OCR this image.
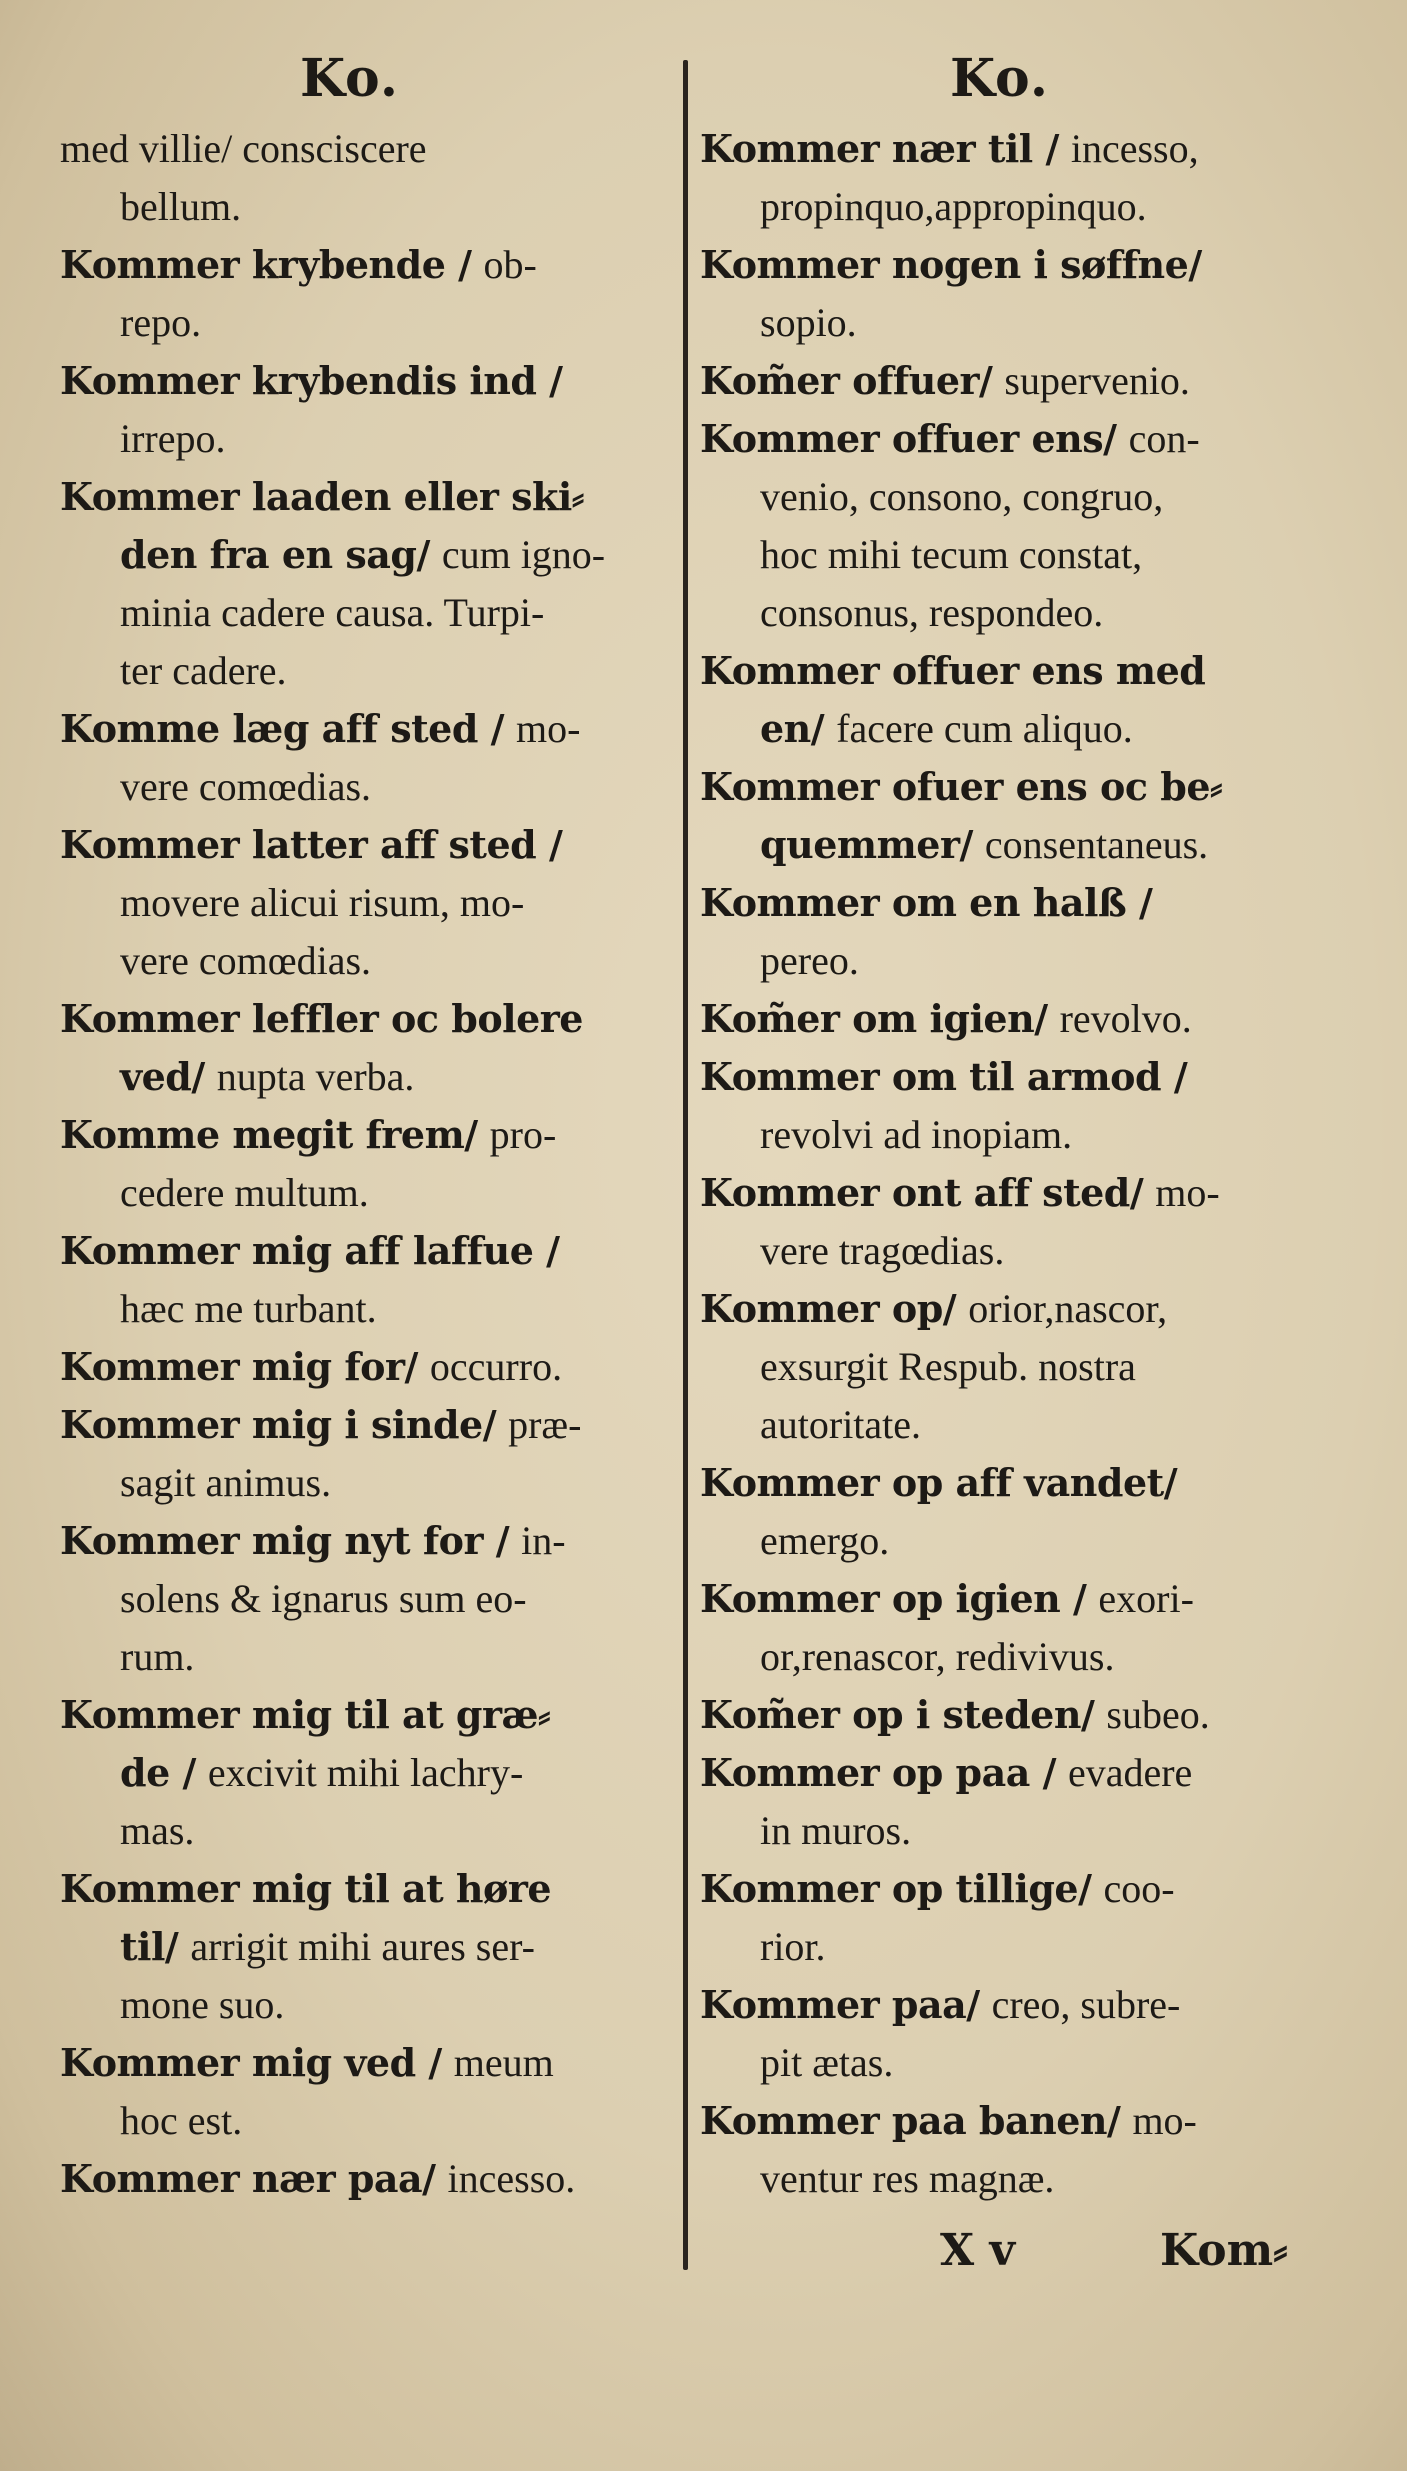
Ko.	Ko.
med villie/ consciscere
bellum.
Kommer krybende / ob-
repo.
Kommer krybendis ind /
irrepo.
Kommer laaden eller ski⸗
den fra en sag/ cum igno-
minia cadere causa. Turpi-
ter cadere.
Komme læg aff sted / mo-
vere comœdias.
Kommer latter aff sted /
movere alicui risum, mo-
vere comœdias.
Kommer leffler oc bolere
ved/ nupta verba.
Komme megit frem/ pro-
cedere multum.
Kommer mig aff laffue /
hæc me turbant.
Kommer mig for/ occurro.
Kommer mig i sinde/ præ-
sagit animus.
Kommer mig nyt for / in-
solens & ignarus sum eo-
rum.
Kommer mig til at græ⸗
de / excivit mihi lachry-
mas.
Kommer mig til at høre
til/ arrigit mihi aures ser-
mone suo.
Kommer mig ved / meum
hoc est.
Kommer nær paa/ incesso.
Kommer nær til / incesso,
propinquo,appropinquo.
Kommer nogen i søffne/
sopio.
Kom̃er offuer/ supervenio.
Kommer offuer ens/ con-
venio, consono, congruo,
hoc mihi tecum constat,
consonus, respondeo.
Kommer offuer ens med
en/ facere cum aliquo.
Kommer ofuer ens oc be⸗
quemmer/ consentaneus.
Kommer om en halß /
pereo.
Kom̃er om igien/ revolvo.
Kommer om til armod /
revolvi ad inopiam.
Kommer ont aff sted/ mo-
vere tragœdias.
Kommer op/ orior,nascor,
exsurgit Respub. nostra
autoritate.
Kommer op aff vandet/
emergo.
Kommer op igien / exori-
or,renascor, redivivus.
Kom̃er op i steden/ subeo.
Kommer op paa / evadere
in muros.
Kommer op tillige/ coo-
rior.
Kommer paa/ creo, subre-
pit ætas.
Kommer paa banen/ mo-
ventur res magnæ.
X v	Kom⸗
